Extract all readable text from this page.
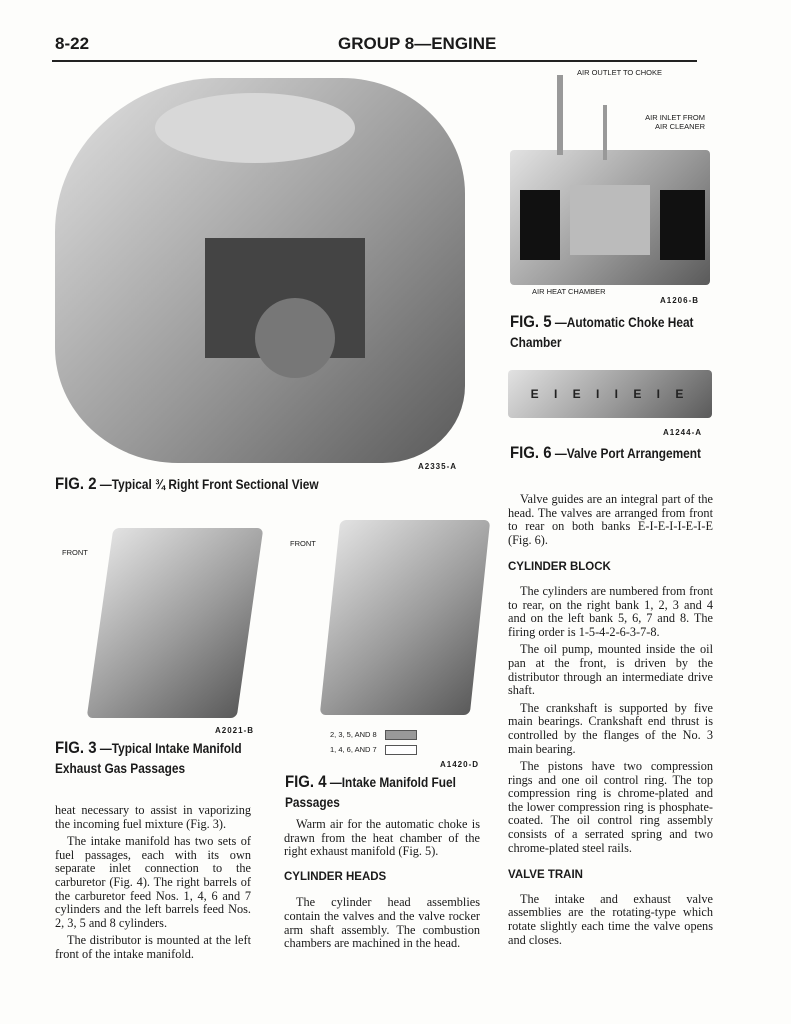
8-22	GROUP 8—ENGINE
A2335-A
FIG. 2 —Typical ¾ Right Front Sectional View
AIR OUTLET TO CHOKE
AIR INLET FROM AIR CLEANER
AIR HEAT CHAMBER
A1206-B
FIG. 5 —Automatic Choke Heat Chamber
E I E I I E I E
A1244-A
FIG. 6 —Valve Port Arrangement

Valve guides are an integral part of the head. The valves are arranged from front to rear on both banks E-I-E-I-I-E-I-E (Fig. 6).

CYLINDER BLOCK

The cylinders are numbered from front to rear, on the right bank 1, 2, 3 and 4 and on the left bank 5, 6, 7 and 8. The firing order is 1-5-4-2-6-3-7-8.

The oil pump, mounted inside the oil pan at the front, is driven by the distributor through an intermediate drive shaft.

The crankshaft is supported by five main bearings. Crankshaft end thrust is controlled by the flanges of the No. 3 main bearing.

The pistons have two compression rings and one oil control ring. The top compression ring is chrome-plated and the lower compression ring is phosphate-coated. The oil control ring assembly consists of a serrated spring and two chrome-plated steel rails.

VALVE TRAIN

The intake and exhaust valve assemblies are the rotating-type which rotate slightly each time the valve opens and closes.

FRONT
A2021-B
FIG. 3 —Typical Intake Manifold Exhaust Gas Passages
FRONT
2, 3, 5, AND 8
1, 4, 6, AND 7
A1420-D
FIG. 4 —Intake Manifold Fuel Passages

heat necessary to assist in vaporizing the incoming fuel mixture (Fig. 3).

The intake manifold has two sets of fuel passages, each with its own separate inlet connection to the carburetor (Fig. 4). The right barrels of the carburetor feed Nos. 1, 4, 6 and 7 cylinders and the left barrels feed Nos. 2, 3, 5 and 8 cylinders.

The distributor is mounted at the left front of the intake manifold.

Warm air for the automatic choke is drawn from the heat chamber of the right exhaust manifold (Fig. 5).

CYLINDER HEADS

The cylinder head assemblies contain the valves and the valve rocker arm shaft assembly. The combustion chambers are machined in the head.
